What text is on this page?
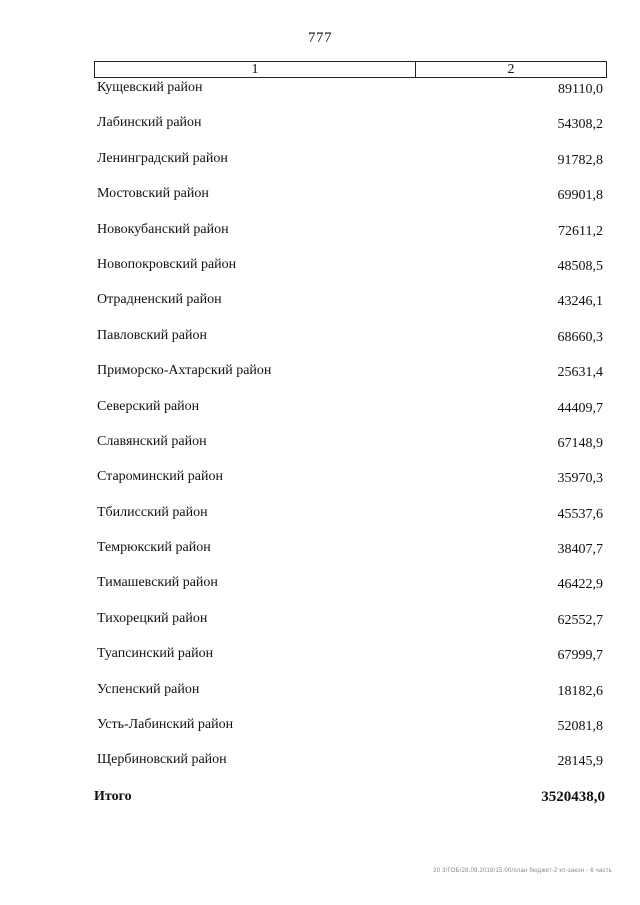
777
1	2
Кущевский район	89110,0
Лабинский район	54308,2
Ленинградский район	91782,8
Мостовский район	69901,8
Новокубанский район	72611,2
Новопокровский район	48508,5
Отрадненский район	43246,1
Павловский район	68660,3
Приморско-Ахтарский район	25631,4
Северский район	44409,7
Славянский район	67148,9
Староминский район	35970,3
Тбилисский район	45537,6
Темрюкский район	38407,7
Тимашевский район	46422,9
Тихорецкий район	62552,7
Туапсинский район	67999,7
Успенский район	18182,6
Усть-Лабинский район	52081,8
Щербиновский район	28145,9
Итого	3520438,0
20 3/ГОБ/28.09.2018/15:00/план бюджет-2 кп-закон - 6 часть
